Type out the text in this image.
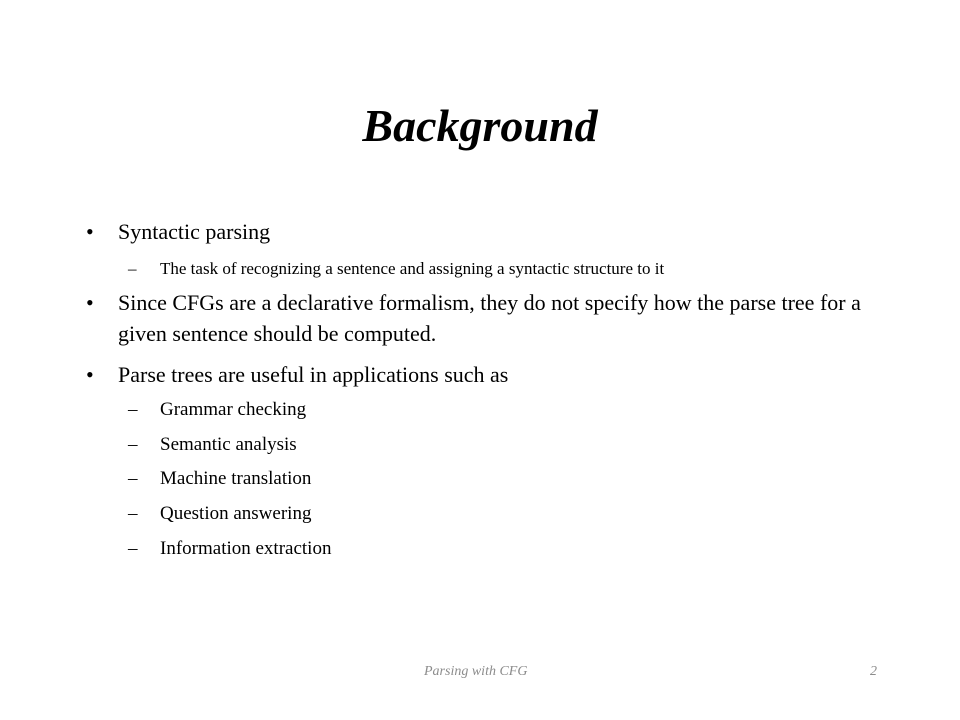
Background
•	Syntactic parsing
–	The task of recognizing a sentence and assigning a syntactic structure to it
•	Since CFGs are a declarative formalism, they do not specify how the parse tree for a given sentence should be computed.
•	Parse trees are useful in applications such as
–	Grammar checking
–	Semantic analysis
–	Machine translation
–	Question answering
–	Information extraction
Parsing with CFG	2
